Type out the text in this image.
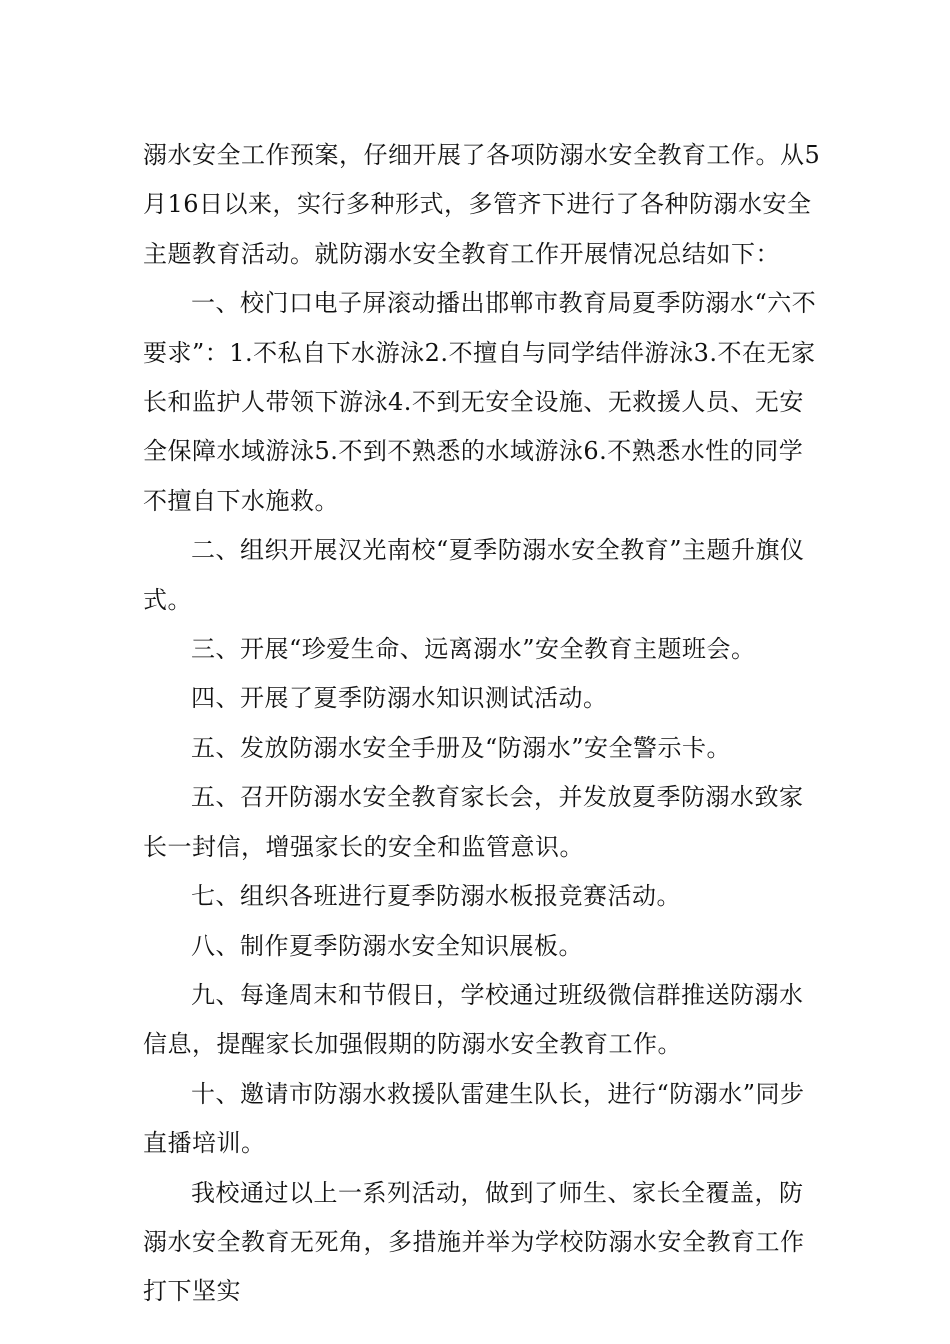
溺水安全工作预案，仔细开展了各项防溺水安全教育工作。从5月16日以来，实行多种形式，多管齐下进行了各种防溺水安全主题教育活动。就防溺水安全教育工作开展情况总结如下：

一、校门口电子屏滚动播出邯郸市教育局夏季防溺水“六不要求”：1.不私自下水游泳2.不擅自与同学结伴游泳3.不在无家长和监护人带领下游泳4.不到无安全设施、无救援人员、无安全保障水域游泳5.不到不熟悉的水域游泳6.不熟悉水性的同学不擅自下水施救。

二、组织开展汉光南校“夏季防溺水安全教育”主题升旗仪式。

三、开展“珍爱生命、远离溺水”安全教育主题班会。

四、开展了夏季防溺水知识测试活动。

五、发放防溺水安全手册及“防溺水”安全警示卡。

五、召开防溺水安全教育家长会，并发放夏季防溺水致家长一封信，增强家长的安全和监管意识。

七、组织各班进行夏季防溺水板报竞赛活动。

八、制作夏季防溺水安全知识展板。

九、每逢周末和节假日，学校通过班级微信群推送防溺水信息，提醒家长加强假期的防溺水安全教育工作。

十、邀请市防溺水救援队雷建生队长，进行“防溺水”同步直播培训。

我校通过以上一系列活动，做到了师生、家长全覆盖，防溺水安全教育无死角，多措施并举为学校防溺水安全教育工作打下坚实
